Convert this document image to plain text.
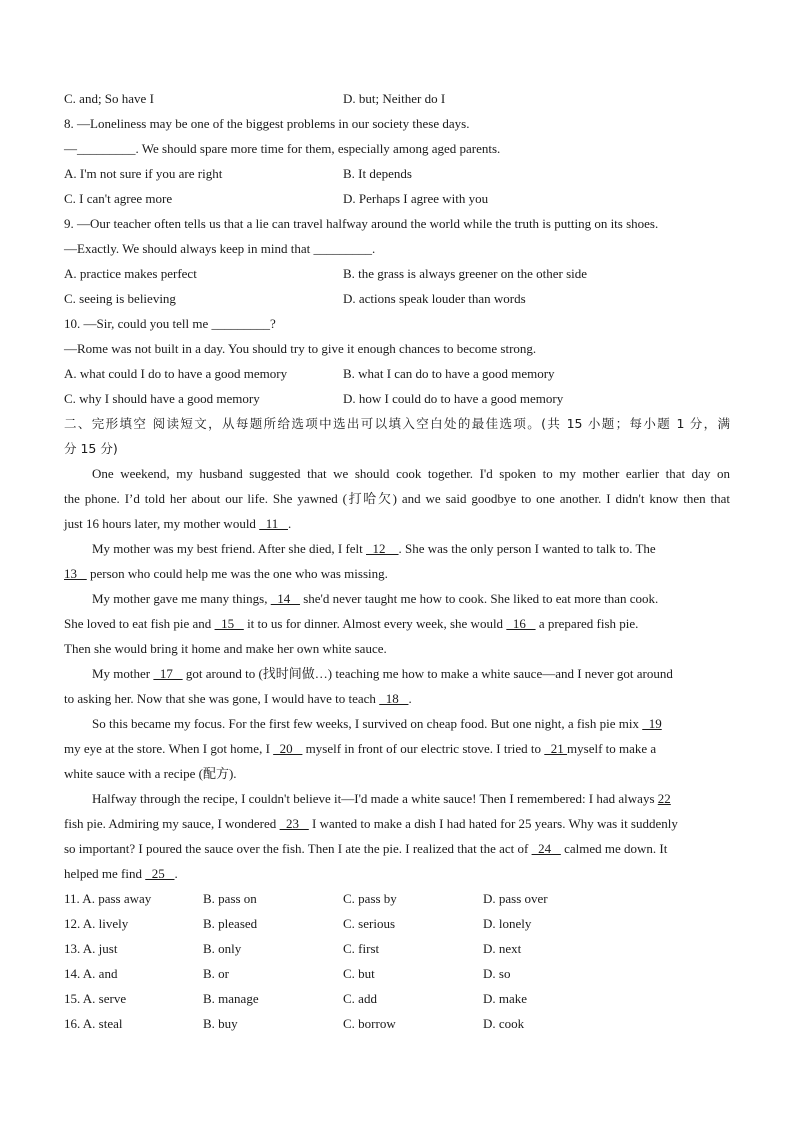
C. and; So have I	D. but; Neither do I
8. —Loneliness may be one of the biggest problems in our society these days.
—_________. We should spare more time for them, especially among aged parents.
A. I'm not sure if you are right	B. It depends
C. I can't agree more	D. Perhaps I agree with you
9. —Our teacher often tells us that a lie can travel halfway around the world while the truth is putting on its shoes.
—Exactly. We should always keep in mind that _________.
A. practice makes perfect	B. the grass is always greener on the other side
C. seeing is believing	D. actions speak louder than words
10. —Sir, could you tell me _________?
—Rome was not built in a day. You should try to give it enough chances to become strong.
A. what could I do to have a good memory	B. what I can do to have a good memory
C. why I should have a good memory	D. how I could do to have a good memory
二、完形填空 阅读短文，从每题所给选项中选出可以填入空白处的最佳选项。(共 15 小题；每小题 1 分，满
分 15 分)
One weekend, my husband suggested that we should cook together. I'd spoken to my mother earlier that day on
the phone. I’d told her about our life. She yawned (打哈欠) and we said goodbye to one another. I didn't know then that
just 16 hours later, my mother would   11   .
My mother was my best friend. After she died, I felt   12    . She was the only person I wanted to talk to. The
13    person who could help me was the one who was missing.
My mother gave me many things,   14    she'd never taught me how to cook. She liked to eat more than cook.
She loved to eat fish pie and   15    it to us for dinner. Almost every week, she would   16    a prepared fish pie.
Then she would bring it home and make her own white sauce.
My mother   17    got around to (找时间做…) teaching me how to make a white sauce—and I never got around
to asking her. Now that she was gone, I would have to teach   18   .
So this became my focus. For the first few weeks, I survived on cheap food. But one night, a fish pie mix   19
my eye at the store. When I got home, I   20    myself in front of our electric stove. I tried to   21 myself to make a
white sauce with a recipe (配方).
Halfway through the recipe, I couldn't believe it—I'd made a white sauce! Then I remembered: I had always 22
fish pie. Admiring my sauce, I wondered   23    I wanted to make a dish I had hated for 25 years. Why was it suddenly
so important? I poured the sauce over the fish. Then I ate the pie. I realized that the act of   24    calmed me down. It
helped me find   25   .
11. A. pass away	B. pass on	C. pass by	D. pass over
12. A. lively	B. pleased	C. serious	D. lonely
13. A. just	B. only	C. first	D. next
14. A. and	B. or	C. but	D. so
15. A. serve	B. manage	C. add	D. make
16. A. steal	B. buy	C. borrow	D. cook
